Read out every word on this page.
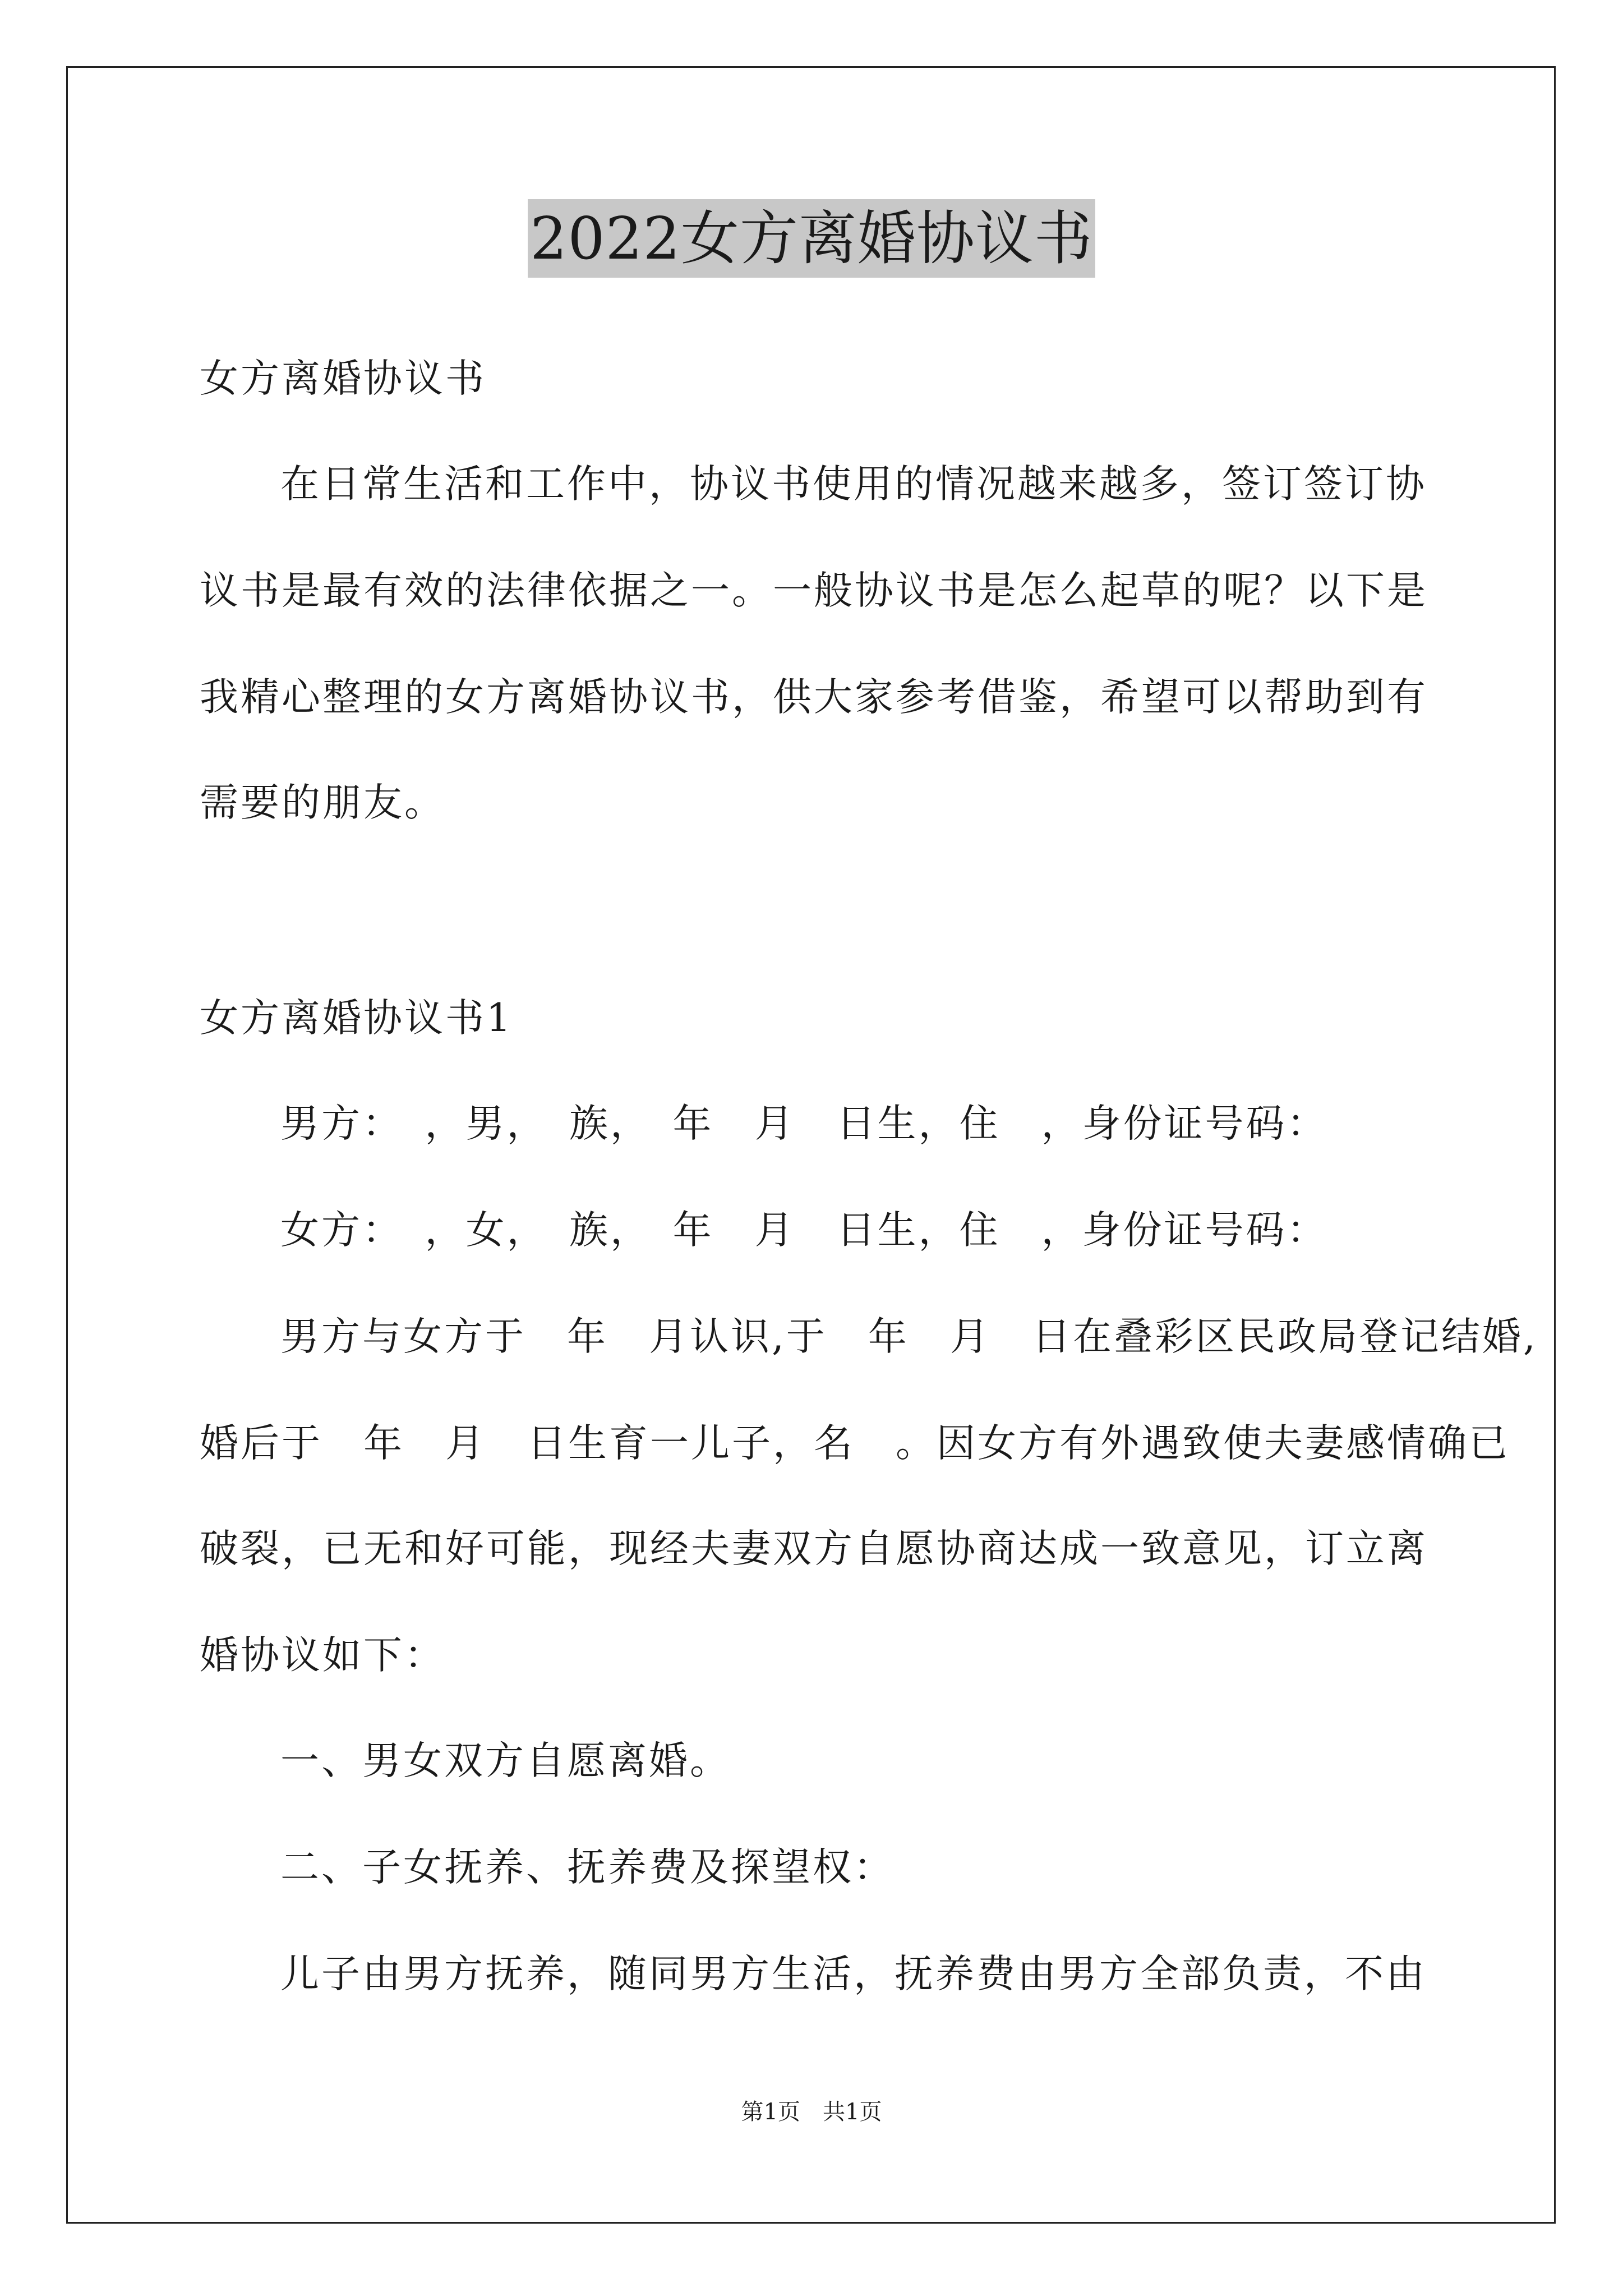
2022女方离婚协议书
女方离婚协议书
在日常生活和工作中，协议书使用的情况越来越多，签订签订协
议书是最有效的法律依据之一。一般协议书是怎么起草的呢？以下是
我精心整理的女方离婚协议书，供大家参考借鉴，希望可以帮助到有
需要的朋友。
女方离婚协议书1
男方：　，男，　族，　年　月　日生，住　，身份证号码：
女方：　，女，　族，　年　月　日生，住　，身份证号码：
男方与女方于　年　月认识,于　年　月　日在叠彩区民政局登记结婚,
婚后于　年　月　日生育一儿子，名　。因女方有外遇致使夫妻感情确已
破裂，已无和好可能，现经夫妻双方自愿协商达成一致意见，订立离
婚协议如下：
一、男女双方自愿离婚。
二、子女抚养、抚养费及探望权：
儿子由男方抚养，随同男方生活，抚养费由男方全部负责，不由
第1页　共1页
